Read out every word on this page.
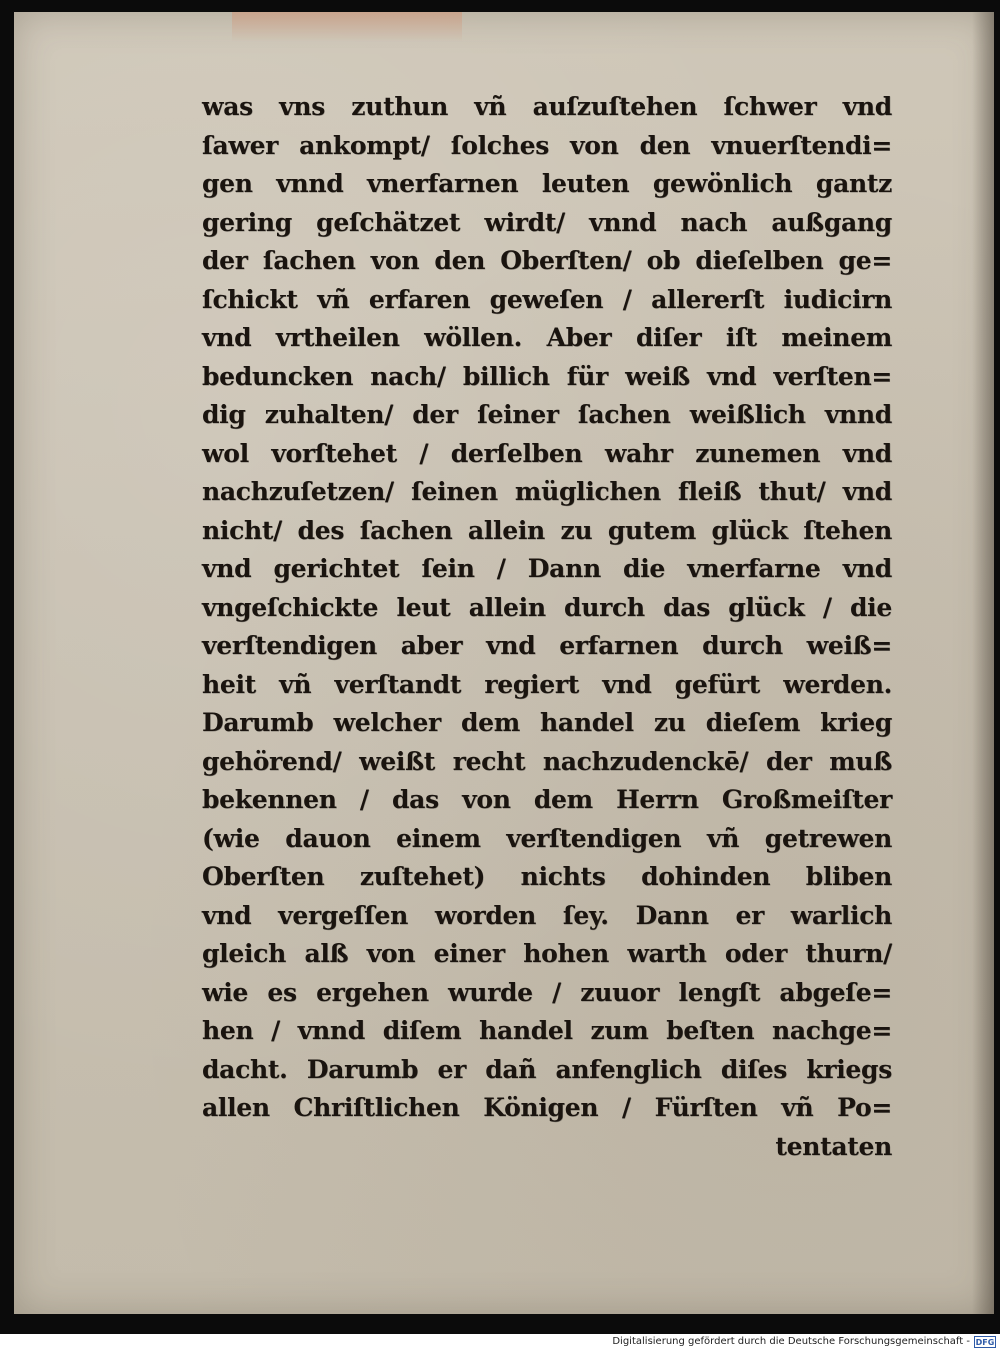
was vns zuthun vñ auſzuſtehen ſchwer vnd
ſawer ankompt/ ſolches von den vnuerſtendi=
gen vnnd vnerfarnen leuten gewönlich gantz
gering geſchätzet wirdt/ vnnd nach außgang
der ſachen von den Oberſten/ ob dieſelben ge=
ſchickt vñ erfaren geweſen / allererſt iudicirn
vnd vrtheilen wöllen. Aber diſer iſt meinem
beduncken nach/ billich für weiß vnd verſten=
dig zuhalten/ der ſeiner ſachen weißlich vnnd
wol vorſtehet / derſelben wahr zunemen vnd
nachzuſetzen/ ſeinen müglichen fleiß thut/ vnd
nicht/ des ſachen allein zu gutem glück ſtehen
vnd gerichtet ſein / Dann die vnerfarne vnd
vngeſchickte leut allein durch das glück / die
verſtendigen aber vnd erfarnen durch weiß=
heit vñ verſtandt regiert vnd gefürt werden.
Darumb welcher dem handel zu dieſem krieg
gehörend/ weißt recht nachzudenckē/ der muß
bekennen / das von dem Herrn Großmeiſter
(wie dauon einem verſtendigen vñ getrewen
Oberſten zuſtehet) nichts dohinden bliben
vnd vergeſſen worden ſey. Dann er warlich
gleich alß von einer hohen warth oder thurn/
wie es ergehen wurde / zuuor lengſt abgeſe=
hen / vnnd diſem handel zum beſten nachge=
dacht. Darumb er dañ anfenglich diſes kriegs
allen Chriſtlichen Königen / Fürſten vñ Po=
tentaten
Digitalisierung gefördert durch die Deutsche Forschungsgemeinschaft - DFG
